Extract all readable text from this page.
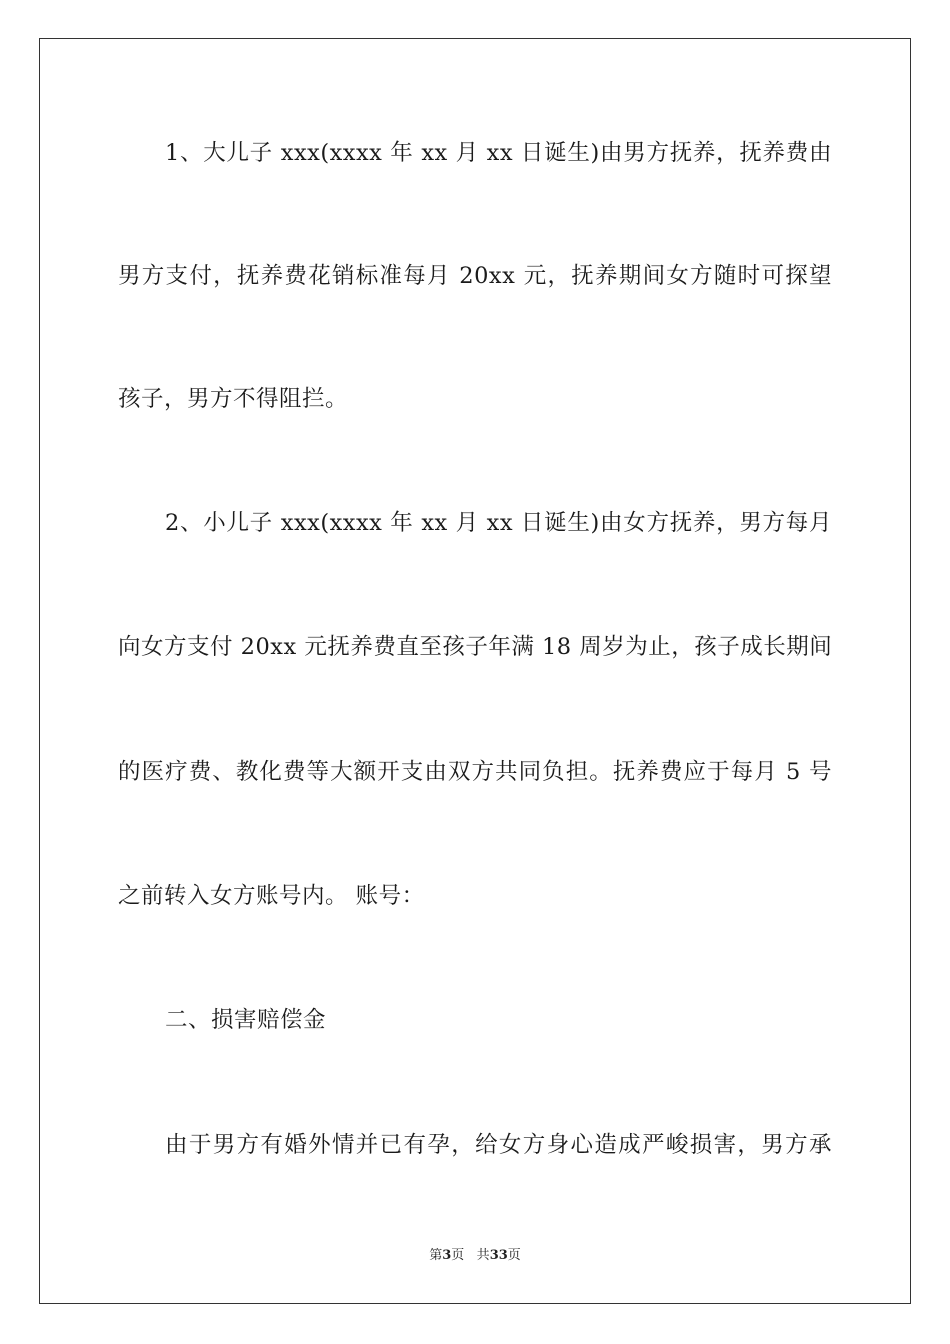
1、大儿子 xxx(xxxx 年 xx 月 xx 日诞生)由男方抚养，抚养费由
男方支付，抚养费花销标准每月 20xx 元，抚养期间女方随时可探望
孩子，男方不得阻拦。
2、小儿子 xxx(xxxx 年 xx 月 xx 日诞生)由女方抚养，男方每月
向女方支付 20xx 元抚养费直至孩子年满 18 周岁为止，孩子成长期间
的医疗费、教化费等大额开支由双方共同负担。抚养费应于每月 5 号
之前转入女方账号内。 账号：
二、损害赔偿金
由于男方有婚外情并已有孕，给女方身心造成严峻损害，男方承
第3页 共33页
